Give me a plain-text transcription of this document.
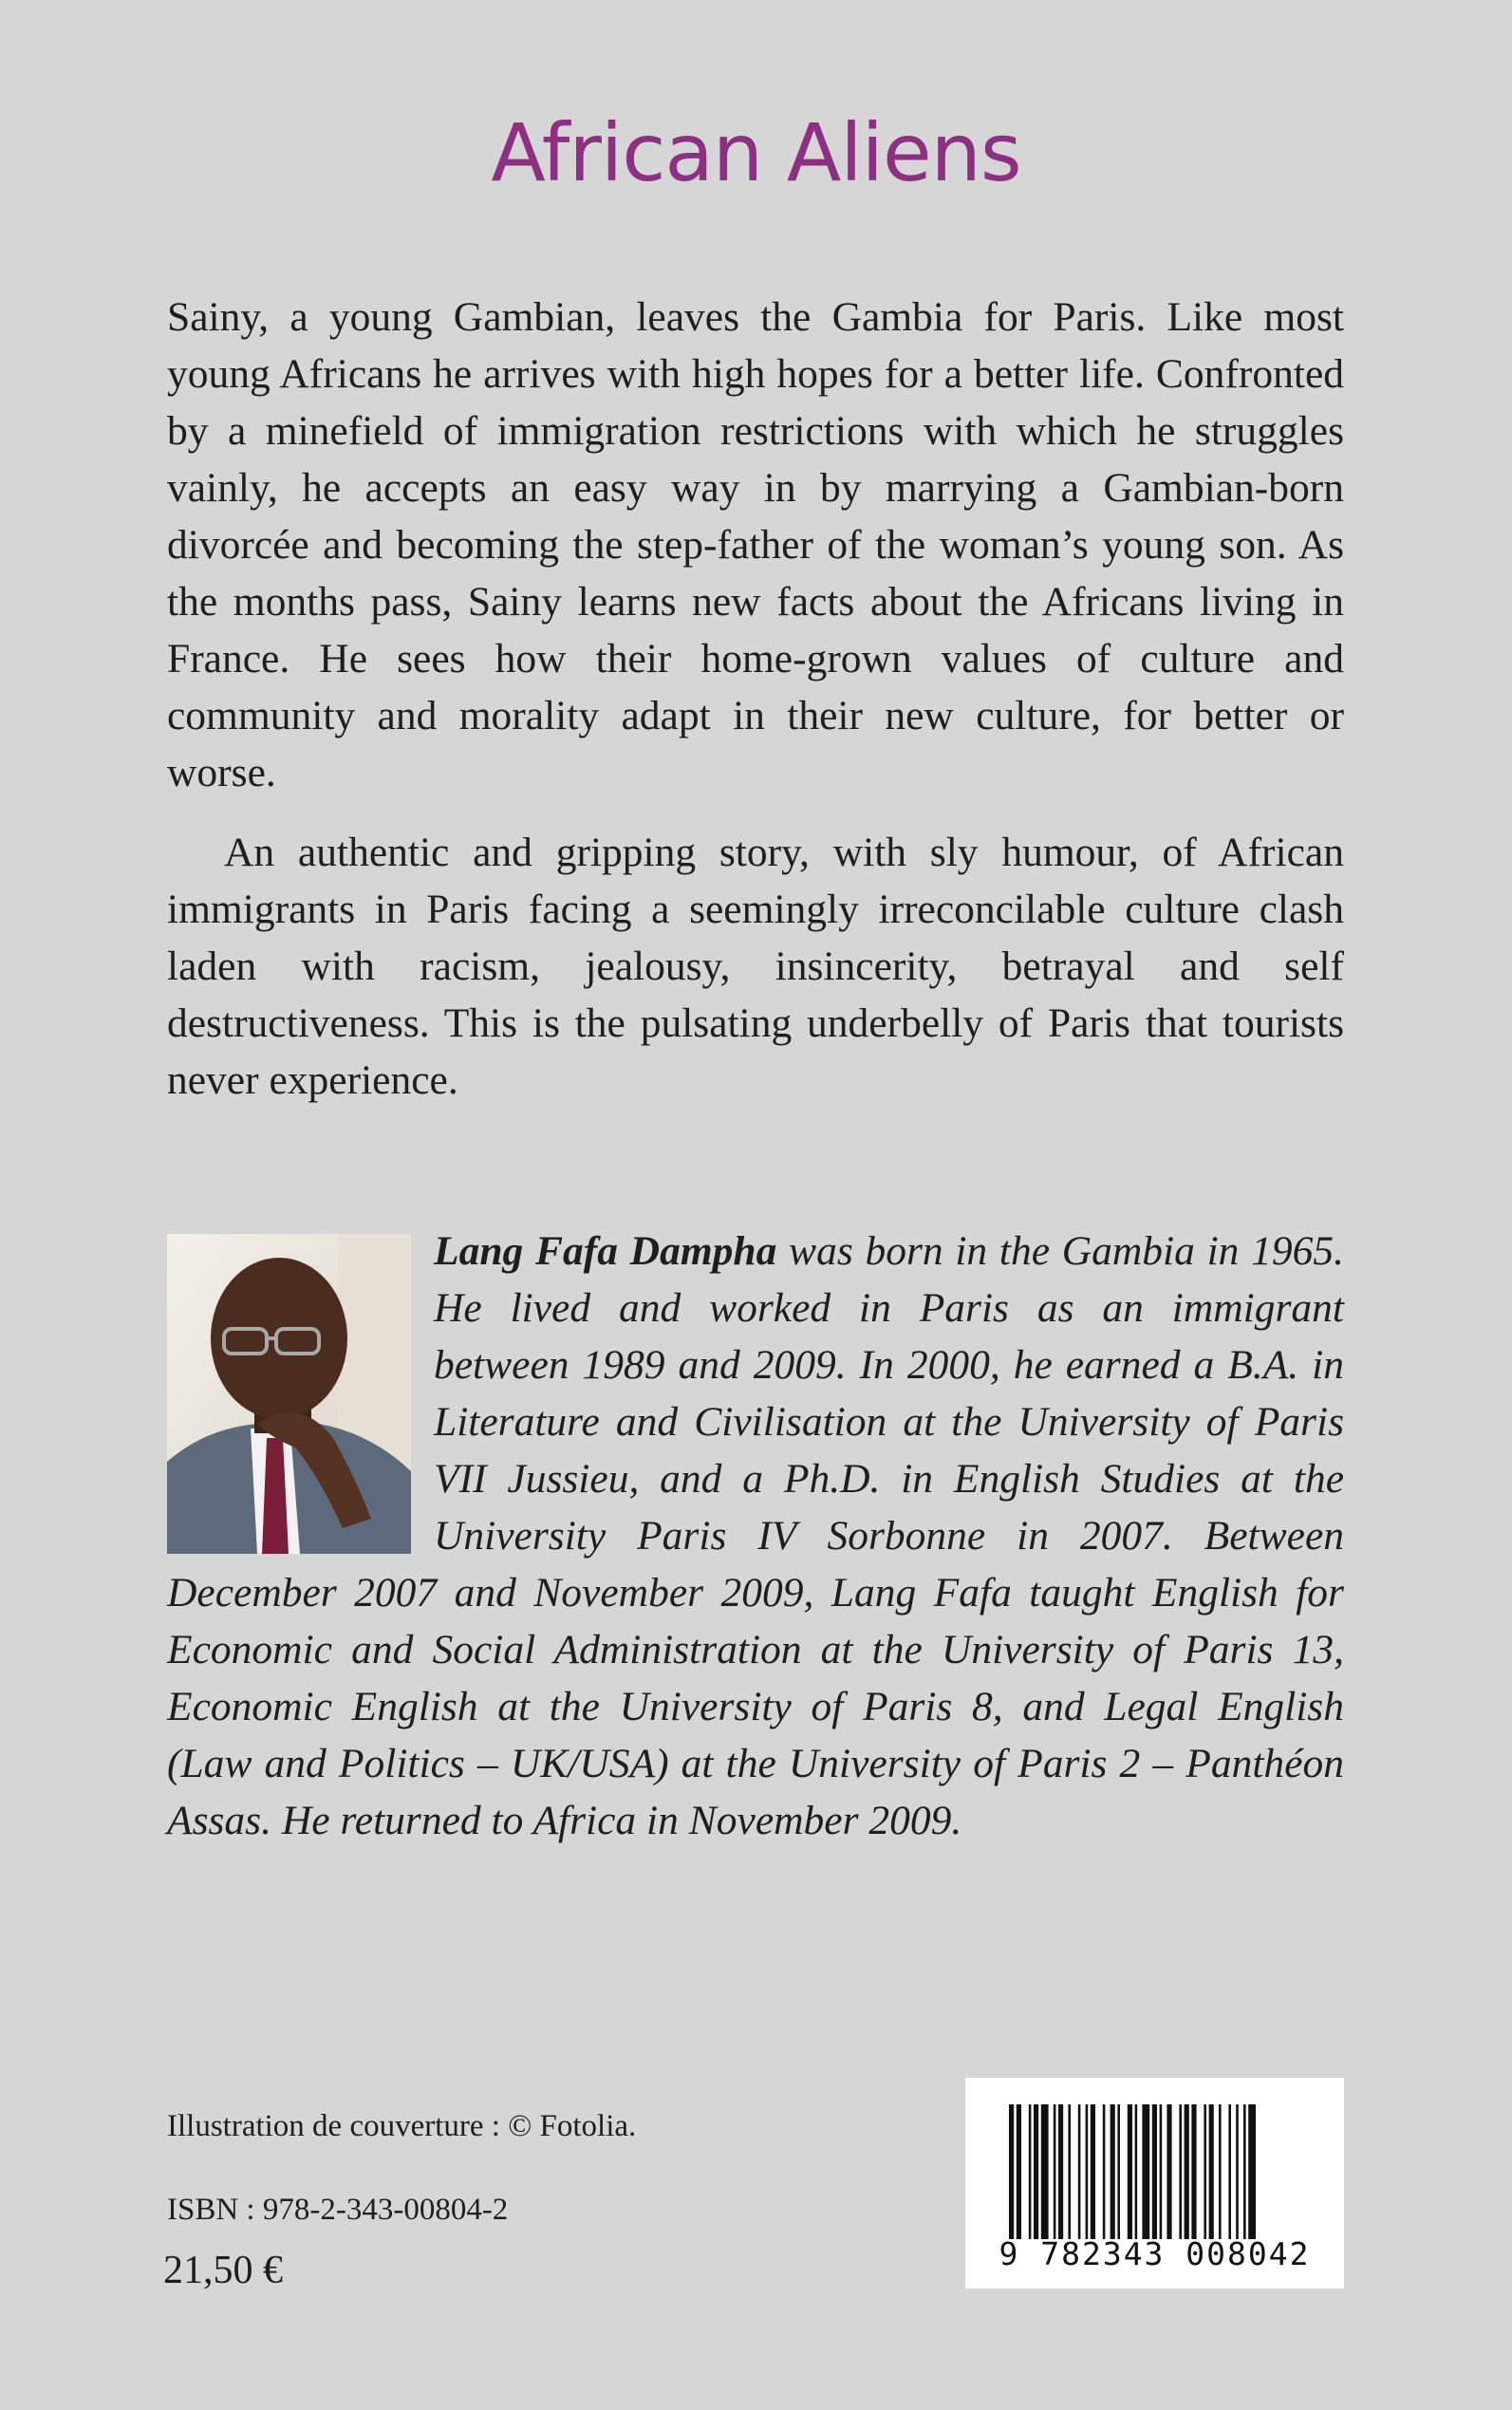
African Aliens

Sainy, a young Gambian, leaves the Gambia for Paris. Like most young Africans he arrives with high hopes for a better life. Confronted by a minefield of immigration restrictions with which he struggles vainly, he accepts an easy way in by marrying a Gambian-born divorcée and becoming the step-father of the woman’s young son. As the months pass, Sainy learns new facts about the Africans living in France. He sees how their home-grown values of culture and community and morality adapt in their new culture, for better or worse.

An authentic and gripping story, with sly humour, of African immigrants in Paris facing a seemingly irreconcilable culture clash laden with racism, jealousy, insincerity, betrayal and self destructiveness. This is the pulsating underbelly of Paris that tourists never experience.

Lang Fafa Dampha was born in the Gambia in 1965. He lived and worked in Paris as an immigrant between 1989 and 2009. In 2000, he earned a B.A. in Literature and Civilisation at the University of Paris VII Jussieu, and a Ph.D. in English Studies at the University Paris IV Sorbonne in 2007. Between December 2007 and November 2009, Lang Fafa taught English for Economic and Social Administration at the University of Paris 13, Economic English at the University of Paris 8, and Legal English (Law and Politics – UK/USA) at the University of Paris 2 – Panthéon Assas. He returned to Africa in November 2009.

Illustration de couverture : © Fotolia.
ISBN : 978-2-343-00804-2
21,50 €	9 782343 008042
